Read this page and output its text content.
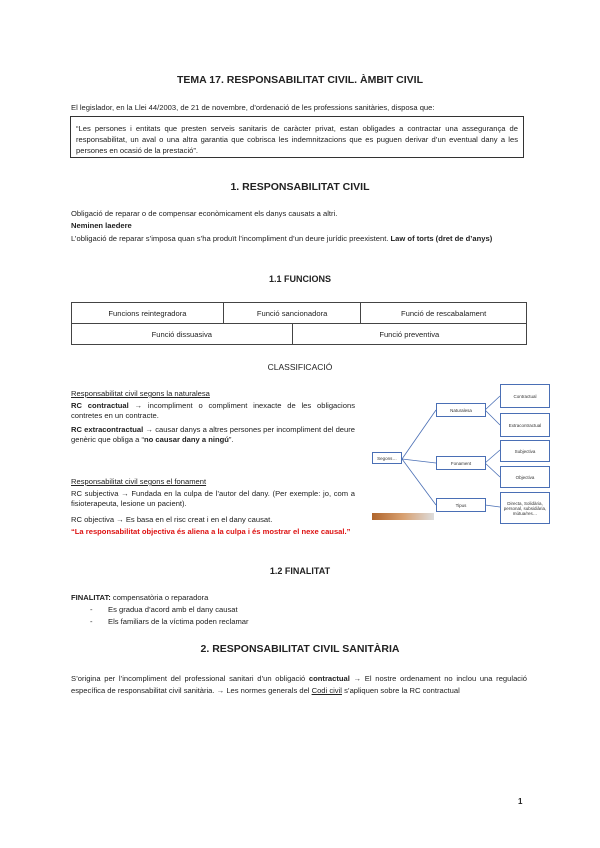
TEMA 17. RESPONSABILITAT CIVIL. ÀMBIT CIVIL
El legislador, en la Llei 44/2003, de 21 de novembre, d’ordenació de les professions sanitàries, disposa que:
“Les persones i entitats que presten serveis sanitaris de caràcter privat, estan obligades a contractar una assegurança de responsabilitat, un aval o una altra garantia que cobrisca les indemnitzacions que es puguen derivar d’un eventual dany a les persones en ocasió de la prestació”.
1. RESPONSABILITAT CIVIL
Obligació de reparar o de compensar econòmicament els danys causats a altri.
Neminen laedere
L’obligació de reparar s’imposa quan s’ha produït l’incompliment d’un deure jurídic preexistent. Law of torts (dret de d’anys)
1.1 FUNCIONS
Funcions reintegradora	Funció sancionadora		Funció de rescabalament
Funció dissuasiva		Funció preventiva	
CLASSIFICACIÓ
Responsabilitat civil segons la naturalesa
RC contractual → incompliment o compliment inexacte de les obligacions contretes en un contracte.
RC extracontractual → causar danys a altres persones per incompliment del deure genèric que obliga a “no causar dany a ningú”.
Responsabilitat civil segons el fonament
RC subjectiva → Fundada en la culpa de l’autor del dany. (Per exemple: jo, com a fisioterapeuta, lesione un pacient).
RC objectiva → Es basa en el risc creat i en el dany causat.
“La responsabilitat objectiva és aliena a la culpa i és mostrar el nexe causal.”
Segons…
Naturalesa
Fonament
Tipus
Contractual
Extracontractual
Subjectiva
Objectiva
Directa, Solidària, personal, subsidiària, mútua/res…
1.2 FINALITAT
FINALITAT: compensatòria o reparadora
- Es gradua d’acord amb el dany causat
- Els familiars de la víctima poden reclamar
2. RESPONSABILITAT CIVIL SANITÀRIA
S’origina per l’incompliment del professional sanitari d’un obligació contractual → El nostre ordenament no inclou una regulació específica de responsabilitat civil sanitària. → Les normes generals del Codi civil s’apliquen sobre la RC contractual
1
